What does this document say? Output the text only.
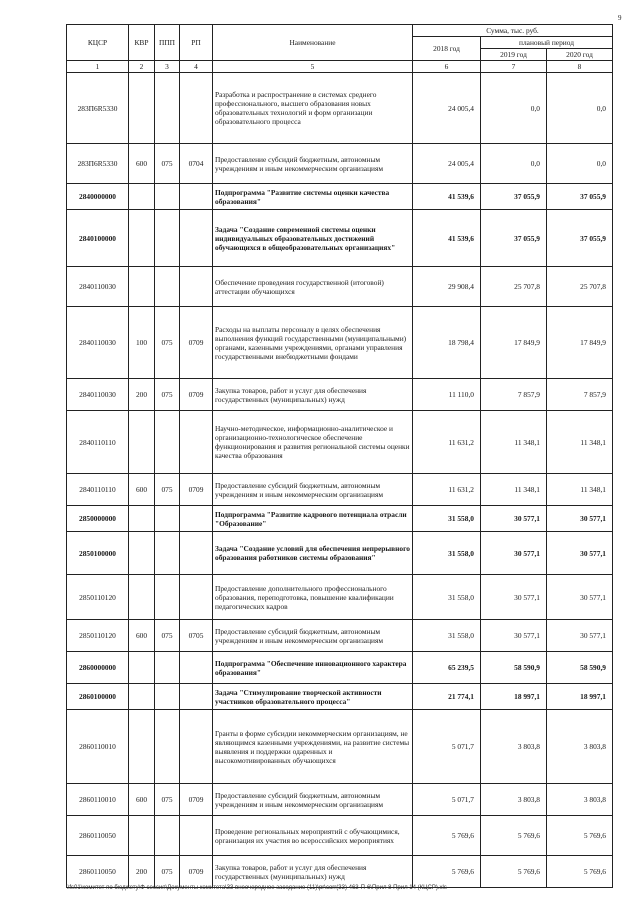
9
КЦСР	КВР	ППП	РП	Наименование	Сумма, тыс. руб.		
					2018 год	плановый период	
						2019 год	2020 год
1	2	3	4	5	6	7	8
283П6R5330				Разработка и распространение в системах среднего профессионального, высшего образования новых образовательных технологий и форм организации образовательного процесса	24 005,4	0,0	0,0
283П6R5330	600	075	0704	Предоставление субсидий бюджетным, автономным учреждениям и иным некоммерческим организациям	24 005,4	0,0	0,0
2840000000				Подпрограмма "Развитие системы оценки качества образования"	41 539,6	37 055,9	37 055,9
2840100000				Задача "Создание современной системы оценки индивидуальных образовательных достижений обучающихся в общеобразовательных организациях"	41 539,6	37 055,9	37 055,9
2840110030				Обеспечение проведения государственной (итоговой) аттестации обучающихся	29 908,4	25 707,8	25 707,8
2840110030	100	075	0709	Расходы на выплаты персоналу в целях обеспечения выполнения функций государственными (муниципальными) органами, казенными учреждениями, органами управления государственными внебюджетными фондами	18 798,4	17 849,9	17 849,9
2840110030	200	075	0709	Закупка товаров, работ и услуг для обеспечения государственных (муниципальных) нужд	11 110,0	7 857,9	7 857,9
2840110110				Научно-методическое, информационно-аналитическое и организационно-технологическое обеспечение функционирования и развития региональной системы оценки качества образования	11 631,2	11 348,1	11 348,1
2840110110	600	075	0709	Предоставление субсидий бюджетным, автономным учреждениям и иным некоммерческим организациям	11 631,2	11 348,1	11 348,1
2850000000				Подпрограмма "Развитие кадрового потенциала отрасли "Образование"	31 558,0	30 577,1	30 577,1
2850100000				Задача "Создание условий для обеспечения непрерывного образования работников системы образования"	31 558,0	30 577,1	30 577,1
2850110120				Предоставление дополнительного профессионального образования, переподготовка, повышение квалификации педагогических кадров	31 558,0	30 577,1	30 577,1
2850110120	600	075	0705	Предоставление субсидий бюджетным, автономным учреждениям и иным некоммерческим организациям	31 558,0	30 577,1	30 577,1
2860000000				Подпрограмма "Обеспечение инновационного характера образования"	65 239,5	58 590,9	58 590,9
2860100000				Задача "Стимулирование творческой активности участников образовательного процесса"	21 774,1	18 997,1	18 997,1
2860110010				Гранты в форме субсидии некоммерческим организациям, не являющимся казенными учреждениями, на развитие системы выявления и поддержки одаренных и высокомотивированных обучающихся	5 071,7	3 803,8	3 803,8
2860110010	600	075	0709	Предоставление субсидий бюджетным, автономным учреждениям и иным некоммерческим организациям	5 071,7	3 803,8	3 803,8
2860110050				Проведение региональных мероприятий с обучающимися, организация их участия во всероссийских мероприятиях	5 769,6	5 769,6	5 769,6
2860110050	200	075	0709	Закупка товаров, работ и услуг для обеспечения государственных (муниципальных) нужд	5 769,6	5 769,6	5 769,6
\\fs01\комитет по бюджету\Ф сессия\Документы комитета\33 внеочередное заседание (11)\pr\corr(33) 463-П-6\Прил 8 Прил 14 (КЦСР).xls
